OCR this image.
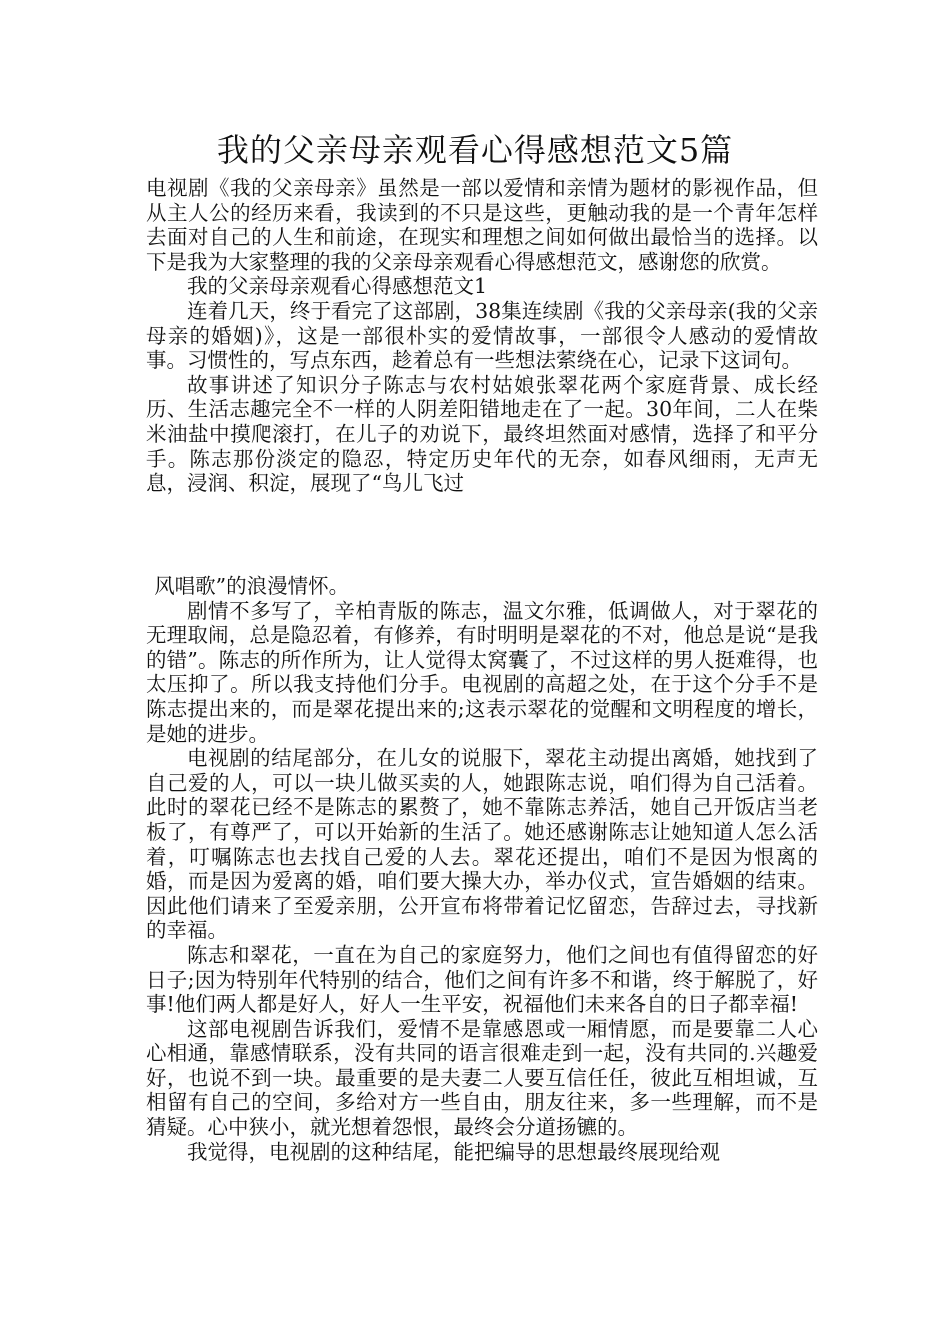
我的父亲母亲观看心得感想范文5篇

电视剧《我的父亲母亲》虽然是一部以爱情和亲情为题材的影视作品，但从主人公的经历来看，我读到的不只是这些，更触动我的是一个青年怎样去面对自己的人生和前途，在现实和理想之间如何做出最恰当的选择。以下是我为大家整理的我的父亲母亲观看心得感想范文，感谢您的欣赏。

我的父亲母亲观看心得感想范文1

连着几天，终于看完了这部剧，38集连续剧《我的父亲母亲(我的父亲母亲的婚姻)》，这是一部很朴实的爱情故事，一部很令人感动的爱情故事。习惯性的，写点东西，趁着总有一些想法萦绕在心，记录下这词句。

故事讲述了知识分子陈志与农村姑娘张翠花两个家庭背景、成长经历、生活志趣完全不一样的人阴差阳错地走在了一起。30年间，二人在柴米油盐中摸爬滚打，在儿子的劝说下，最终坦然面对感情，选择了和平分手。陈志那份淡定的隐忍，特定历史年代的无奈，如春风细雨，无声无息，浸润、积淀，展现了“鸟儿飞过

风唱歌”的浪漫情怀。

剧情不多写了，辛柏青版的陈志，温文尔雅，低调做人，对于翠花的无理取闹，总是隐忍着，有修养，有时明明是翠花的不对，他总是说“是我的错”。陈志的所作所为，让人觉得太窝囊了，不过这样的男人挺难得，也太压抑了。所以我支持他们分手。电视剧的高超之处，在于这个分手不是陈志提出来的，而是翠花提出来的;这表示翠花的觉醒和文明程度的增长，是她的进步。

电视剧的结尾部分，在儿女的说服下，翠花主动提出离婚，她找到了自己爱的人，可以一块儿做买卖的人，她跟陈志说，咱们得为自己活着。此时的翠花已经不是陈志的累赘了，她不靠陈志养活，她自己开饭店当老板了，有尊严了，可以开始新的生活了。她还感谢陈志让她知道人怎么活着，叮嘱陈志也去找自己爱的人去。翠花还提出，咱们不是因为恨离的婚，而是因为爱离的婚，咱们要大操大办，举办仪式，宣告婚姻的结束。因此他们请来了至爱亲朋，公开宣布将带着记忆留恋，告辞过去，寻找新的幸福。

陈志和翠花，一直在为自己的家庭努力，他们之间也有值得留恋的好日子;因为特别年代特别的结合，他们之间有许多不和谐，终于解脱了，好事!他们两人都是好人，好人一生平安，祝福他们未来各自的日子都幸福!

这部电视剧告诉我们，爱情不是靠感恩或一厢情愿，而是要靠二人心心相通，靠感情联系，没有共同的语言很难走到一起，没有共同的.兴趣爱好，也说不到一块。最重要的是夫妻二人要互信任任，彼此互相坦诚，互相留有自己的空间，多给对方一些自由，朋友往来，多一些理解，而不是猜疑。心中狭小，就光想着怨恨，最终会分道扬镳的。

我觉得，电视剧的这种结尾，能把编导的思想最终展现给观
